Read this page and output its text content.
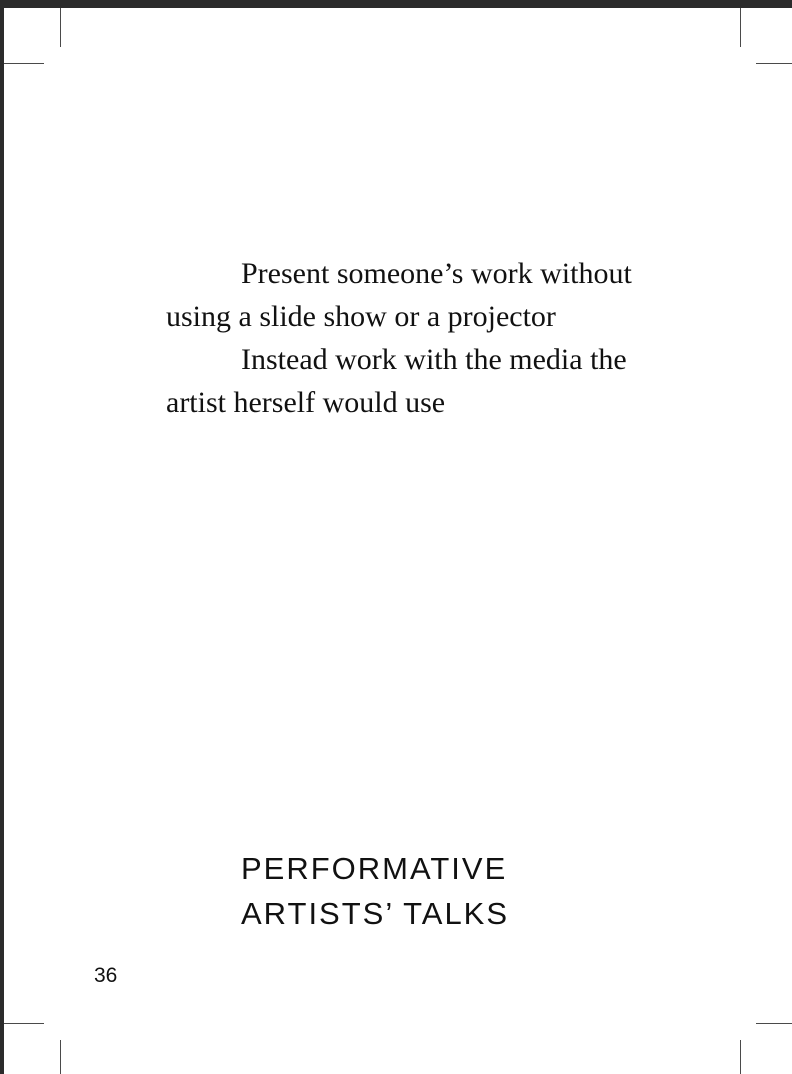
Present someone’s work without using a slide show or a projector

Instead work with the media the artist herself would use

PERFORMATIVE
ARTISTS’ TALKS
36
